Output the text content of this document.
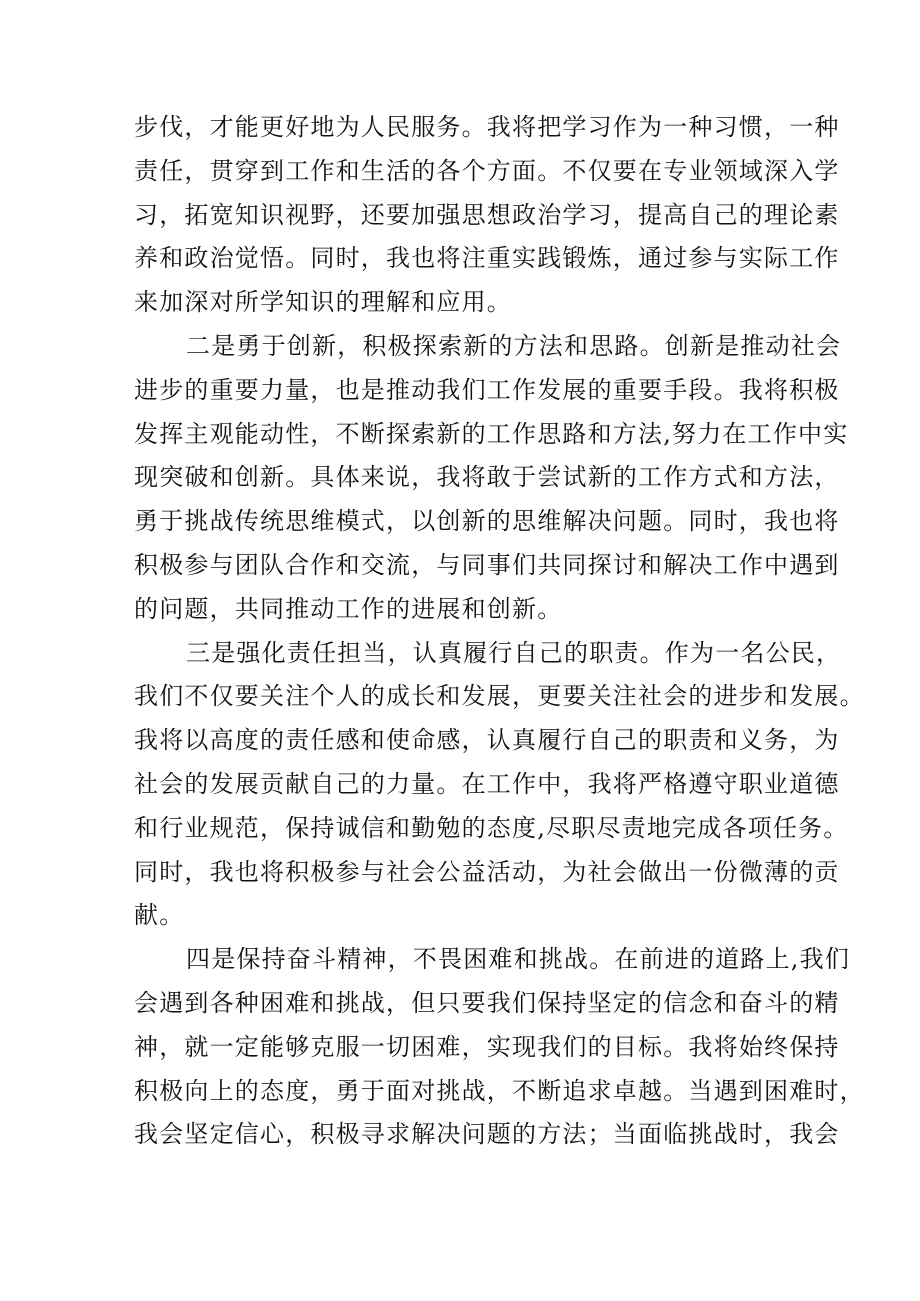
步伐，才能更好地为人民服务。我将把学习作为一种习惯，一种
责任，贯穿到工作和生活的各个方面。不仅要在专业领域深入学
习，拓宽知识视野，还要加强思想政治学习，提高自己的理论素
养和政治觉悟。同时，我也将注重实践锻炼，通过参与实际工作
来加深对所学知识的理解和应用。
二是勇于创新，积极探索新的方法和思路。创新是推动社会
进步的重要力量，也是推动我们工作发展的重要手段。我将积极
发挥主观能动性，不断探索新的工作思路和方法,努力在工作中实
现突破和创新。具体来说，我将敢于尝试新的工作方式和方法，
勇于挑战传统思维模式，以创新的思维解决问题。同时，我也将
积极参与团队合作和交流，与同事们共同探讨和解决工作中遇到
的问题，共同推动工作的进展和创新。
三是强化责任担当，认真履行自己的职责。作为一名公民，
我们不仅要关注个人的成长和发展，更要关注社会的进步和发展。
我将以高度的责任感和使命感，认真履行自己的职责和义务，为
社会的发展贡献自己的力量。在工作中，我将严格遵守职业道德
和行业规范，保持诚信和勤勉的态度,尽职尽责地完成各项任务。
同时，我也将积极参与社会公益活动，为社会做出一份微薄的贡
献。
四是保持奋斗精神，不畏困难和挑战。在前进的道路上,我们
会遇到各种困难和挑战，但只要我们保持坚定的信念和奋斗的精
神，就一定能够克服一切困难，实现我们的目标。我将始终保持
积极向上的态度，勇于面对挑战，不断追求卓越。当遇到困难时，
我会坚定信心，积极寻求解决问题的方法；当面临挑战时，我会
